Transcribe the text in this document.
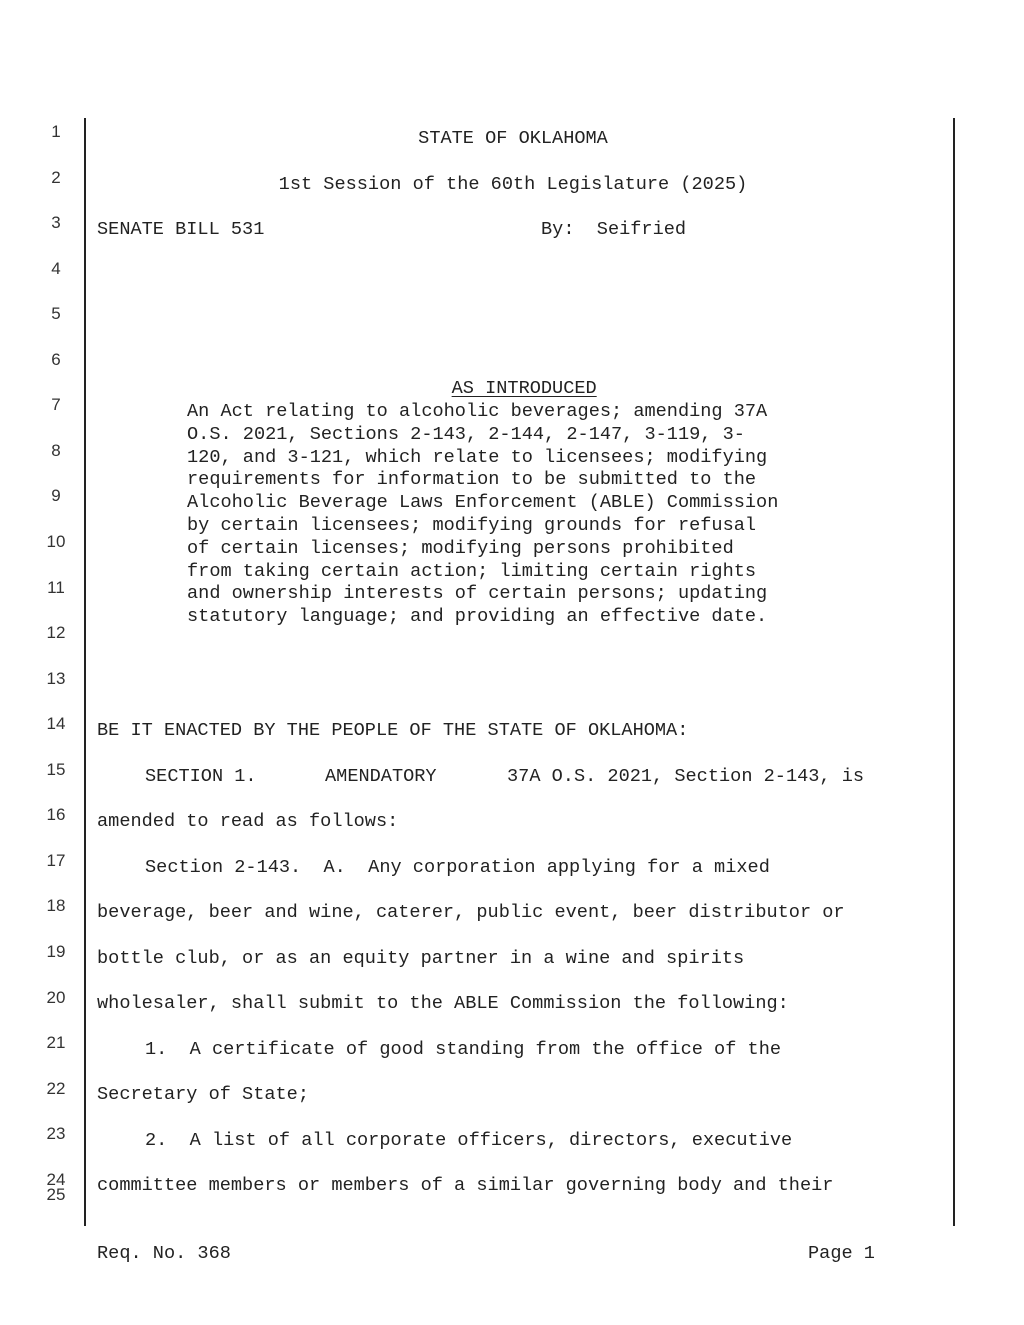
1
2
3
4
5
6
7
8
9
10
11
12
13
14
15
16
17
18
19
20
21
22
23
24
25
STATE OF OKLAHOMA
1st Session of the 60th Legislature (2025)
SENATE BILL 531	By:  Seifried

AS INTRODUCED

An Act relating to alcoholic beverages; amending 37A
O.S. 2021, Sections 2-143, 2-144, 2-147, 3-119, 3-
120, and 3-121, which relate to licensees; modifying
requirements for information to be submitted to the
Alcoholic Beverage Laws Enforcement (ABLE) Commission
by certain licensees; modifying grounds for refusal
of certain licenses; modifying persons prohibited
from taking certain action; limiting certain rights
and ownership interests of certain persons; updating
statutory language; and providing an effective date.
BE IT ENACTED BY THE PEOPLE OF THE STATE OF OKLAHOMA:
SECTION 1.	AMENDATORY	37A O.S. 2021, Section 2-143, is
amended to read as follows:
Section 2-143.  A.  Any corporation applying for a mixed
beverage, beer and wine, caterer, public event, beer distributor or
bottle club, or as an equity partner in a wine and spirits
wholesaler, shall submit to the ABLE Commission the following:
1.  A certificate of good standing from the office of the
Secretary of State;
2.  A list of all corporate officers, directors, executive
committee members or members of a similar governing body and their
Req. No. 368	Page 1
